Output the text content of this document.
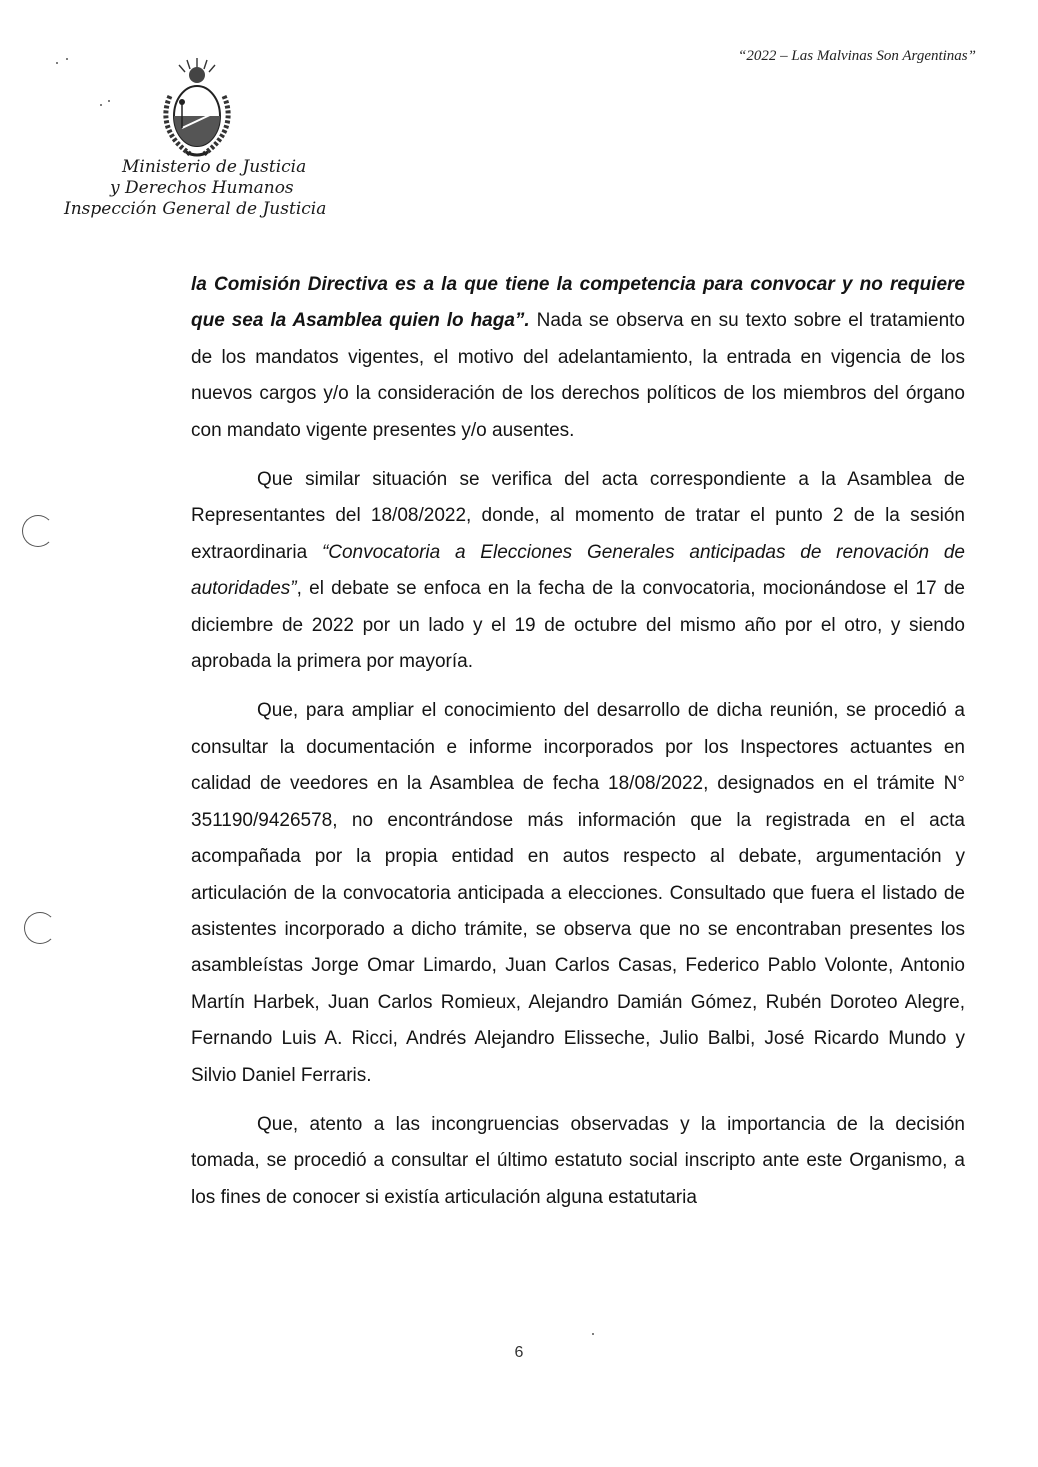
“2022 – Las Malvinas Son Argentinas”
Ministerio de Justicia
y Derechos Humanos
Inspección General de Justicia

la Comisión Directiva es a la que tiene la competencia para convocar y no requiere que sea la Asamblea quien lo haga”. Nada se observa en su texto sobre el tratamiento de los mandatos vigentes, el motivo del adelantamiento, la entrada en vigencia de los nuevos cargos y/o la consideración de los derechos políticos de los miembros del órgano con mandato vigente presentes y/o ausentes.

Que similar situación se verifica del acta correspondiente a la Asamblea de Representantes del 18/08/2022, donde, al momento de tratar el punto 2 de la sesión extraordinaria “Convocatoria a Elecciones Generales anticipadas de renovación de autoridades”, el debate se enfoca en la fecha de la convocatoria, mocionándose el 17 de diciembre de 2022 por un lado y el 19 de octubre del mismo año por el otro, y siendo aprobada la primera por mayoría.

Que, para ampliar el conocimiento del desarrollo de dicha reunión, se procedió a consultar la documentación e informe incorporados por los Inspectores actuantes en calidad de veedores en la Asamblea de fecha 18/08/2022, designados en el trámite N° 351190/9426578, no encontrándose más información que la registrada en el acta acompañada por la propia entidad en autos respecto al debate, argumentación y articulación de la convocatoria anticipada a elecciones. Consultado que fuera el listado de asistentes incorporado a dicho trámite, se observa que no se encontraban presentes los asambleístas Jorge Omar Limardo, Juan Carlos Casas, Federico Pablo Volonte, Antonio Martín Harbek, Juan Carlos Romieux, Alejandro Damián Gómez, Rubén Doroteo Alegre, Fernando Luis A. Ricci, Andrés Alejandro Elisseche, Julio Balbi, José Ricardo Mundo y Silvio Daniel Ferraris.

Que, atento a las incongruencias observadas y la importancia de la decisión tomada, se procedió a consultar el último estatuto social inscripto ante este Organismo, a los fines de conocer si existía articulación alguna estatutaria

6
